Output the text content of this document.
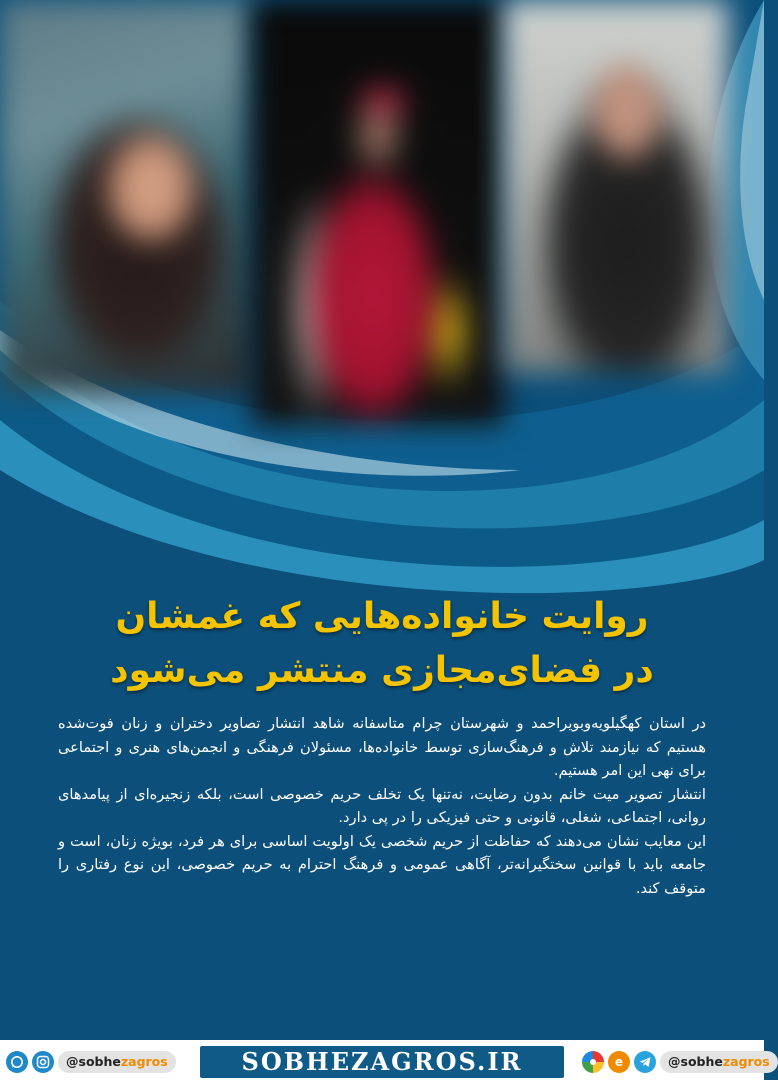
روایت خانواده‌هایی که غمشان
در فضای‌مجازی منتشر می‌شود

در استان کهگیلویه‌وبویراحمد و شهرستان چرام متاسفانه شاهد انتشار تصاویر دختران و زنان فوت‌شده هستیم که نیازمند تلاش و فرهنگ‌سازی توسط خانواده‌ها، مسئولان فرهنگی و انجمن‌های هنری و اجتماعی برای نهی این امر هستیم.

انتشار تصویر میت خانم بدون رضایت، نه‌تنها یک تخلف حریم خصوصی است، بلکه زنجیره‌ای از پیامدهای روانی، اجتماعی، شغلی، قانونی و حتی فیزیکی را در پی دارد.

این معایب نشان می‌دهند که حفاظت از حریم شخصی یک اولویت اساسی برای هر فرد، بویژه زنان، است و جامعه باید با قوانین سختگیرانه‌تر، آگاهی عمومی و فرهنگ احترام به حریم خصوصی، این نوع رفتاری را متوقف کند.

@sobhezagros	SOBHEZAGROS.IR	e	@sobhezagros
